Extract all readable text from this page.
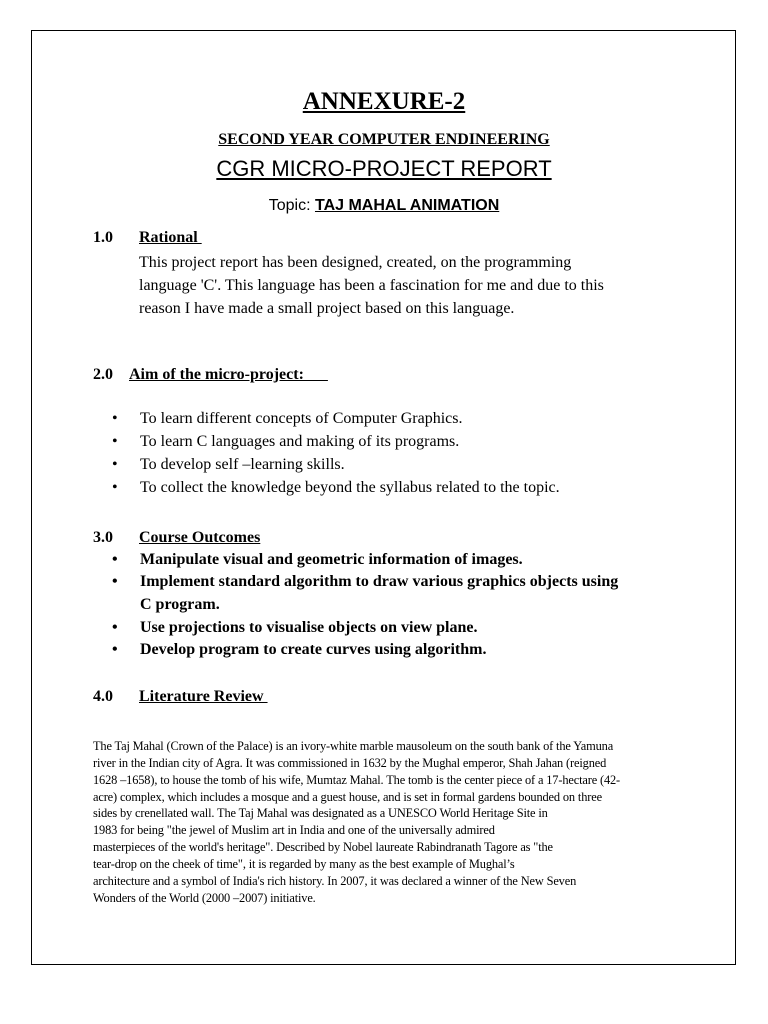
ANNEXURE-2
SECOND YEAR COMPUTER ENDINEERING
CGR MICRO-PROJECT REPORT
Topic: TAJ MAHAL ANIMATION
1.0 Rational
This project report has been designed, created, on the programming
language 'C'. This language has been a fascination for me and due to this
reason I have made a small project based on this language.
2.0 Aim of the micro-project:
• To learn different concepts of Computer Graphics.
• To learn C languages and making of its programs.
• To develop self –learning skills.
• To collect the knowledge beyond the syllabus related to the topic.
3.0 Course Outcomes
• Manipulate visual and geometric information of images.
• Implement standard algorithm to draw various graphics objects using
C program.
• Use projections to visualise objects on view plane.
• Develop program to create curves using algorithm.
4.0 Literature Review
The Taj Mahal (Crown of the Palace) is an ivory-white marble mausoleum on the south bank of the Yamuna
river in the Indian city of Agra. It was commissioned in 1632 by the Mughal emperor, Shah Jahan (reigned
1628 –1658), to house the tomb of his wife, Mumtaz Mahal. The tomb is the center piece of a 17-hectare (42-
acre) complex, which includes a mosque and a guest house, and is set in formal gardens bounded on three
sides by crenellated wall. The Taj Mahal was designated as a UNESCO World Heritage Site in
1983 for being "the jewel of Muslim art in India and one of the universally admired
masterpieces of the world's heritage". Described by Nobel laureate Rabindranath Tagore as "the
tear-drop on the cheek of time", it is regarded by many as the best example of Mughal’s
architecture and a symbol of India's rich history. In 2007, it was declared a winner of the New Seven
Wonders of the World (2000 –2007) initiative.
